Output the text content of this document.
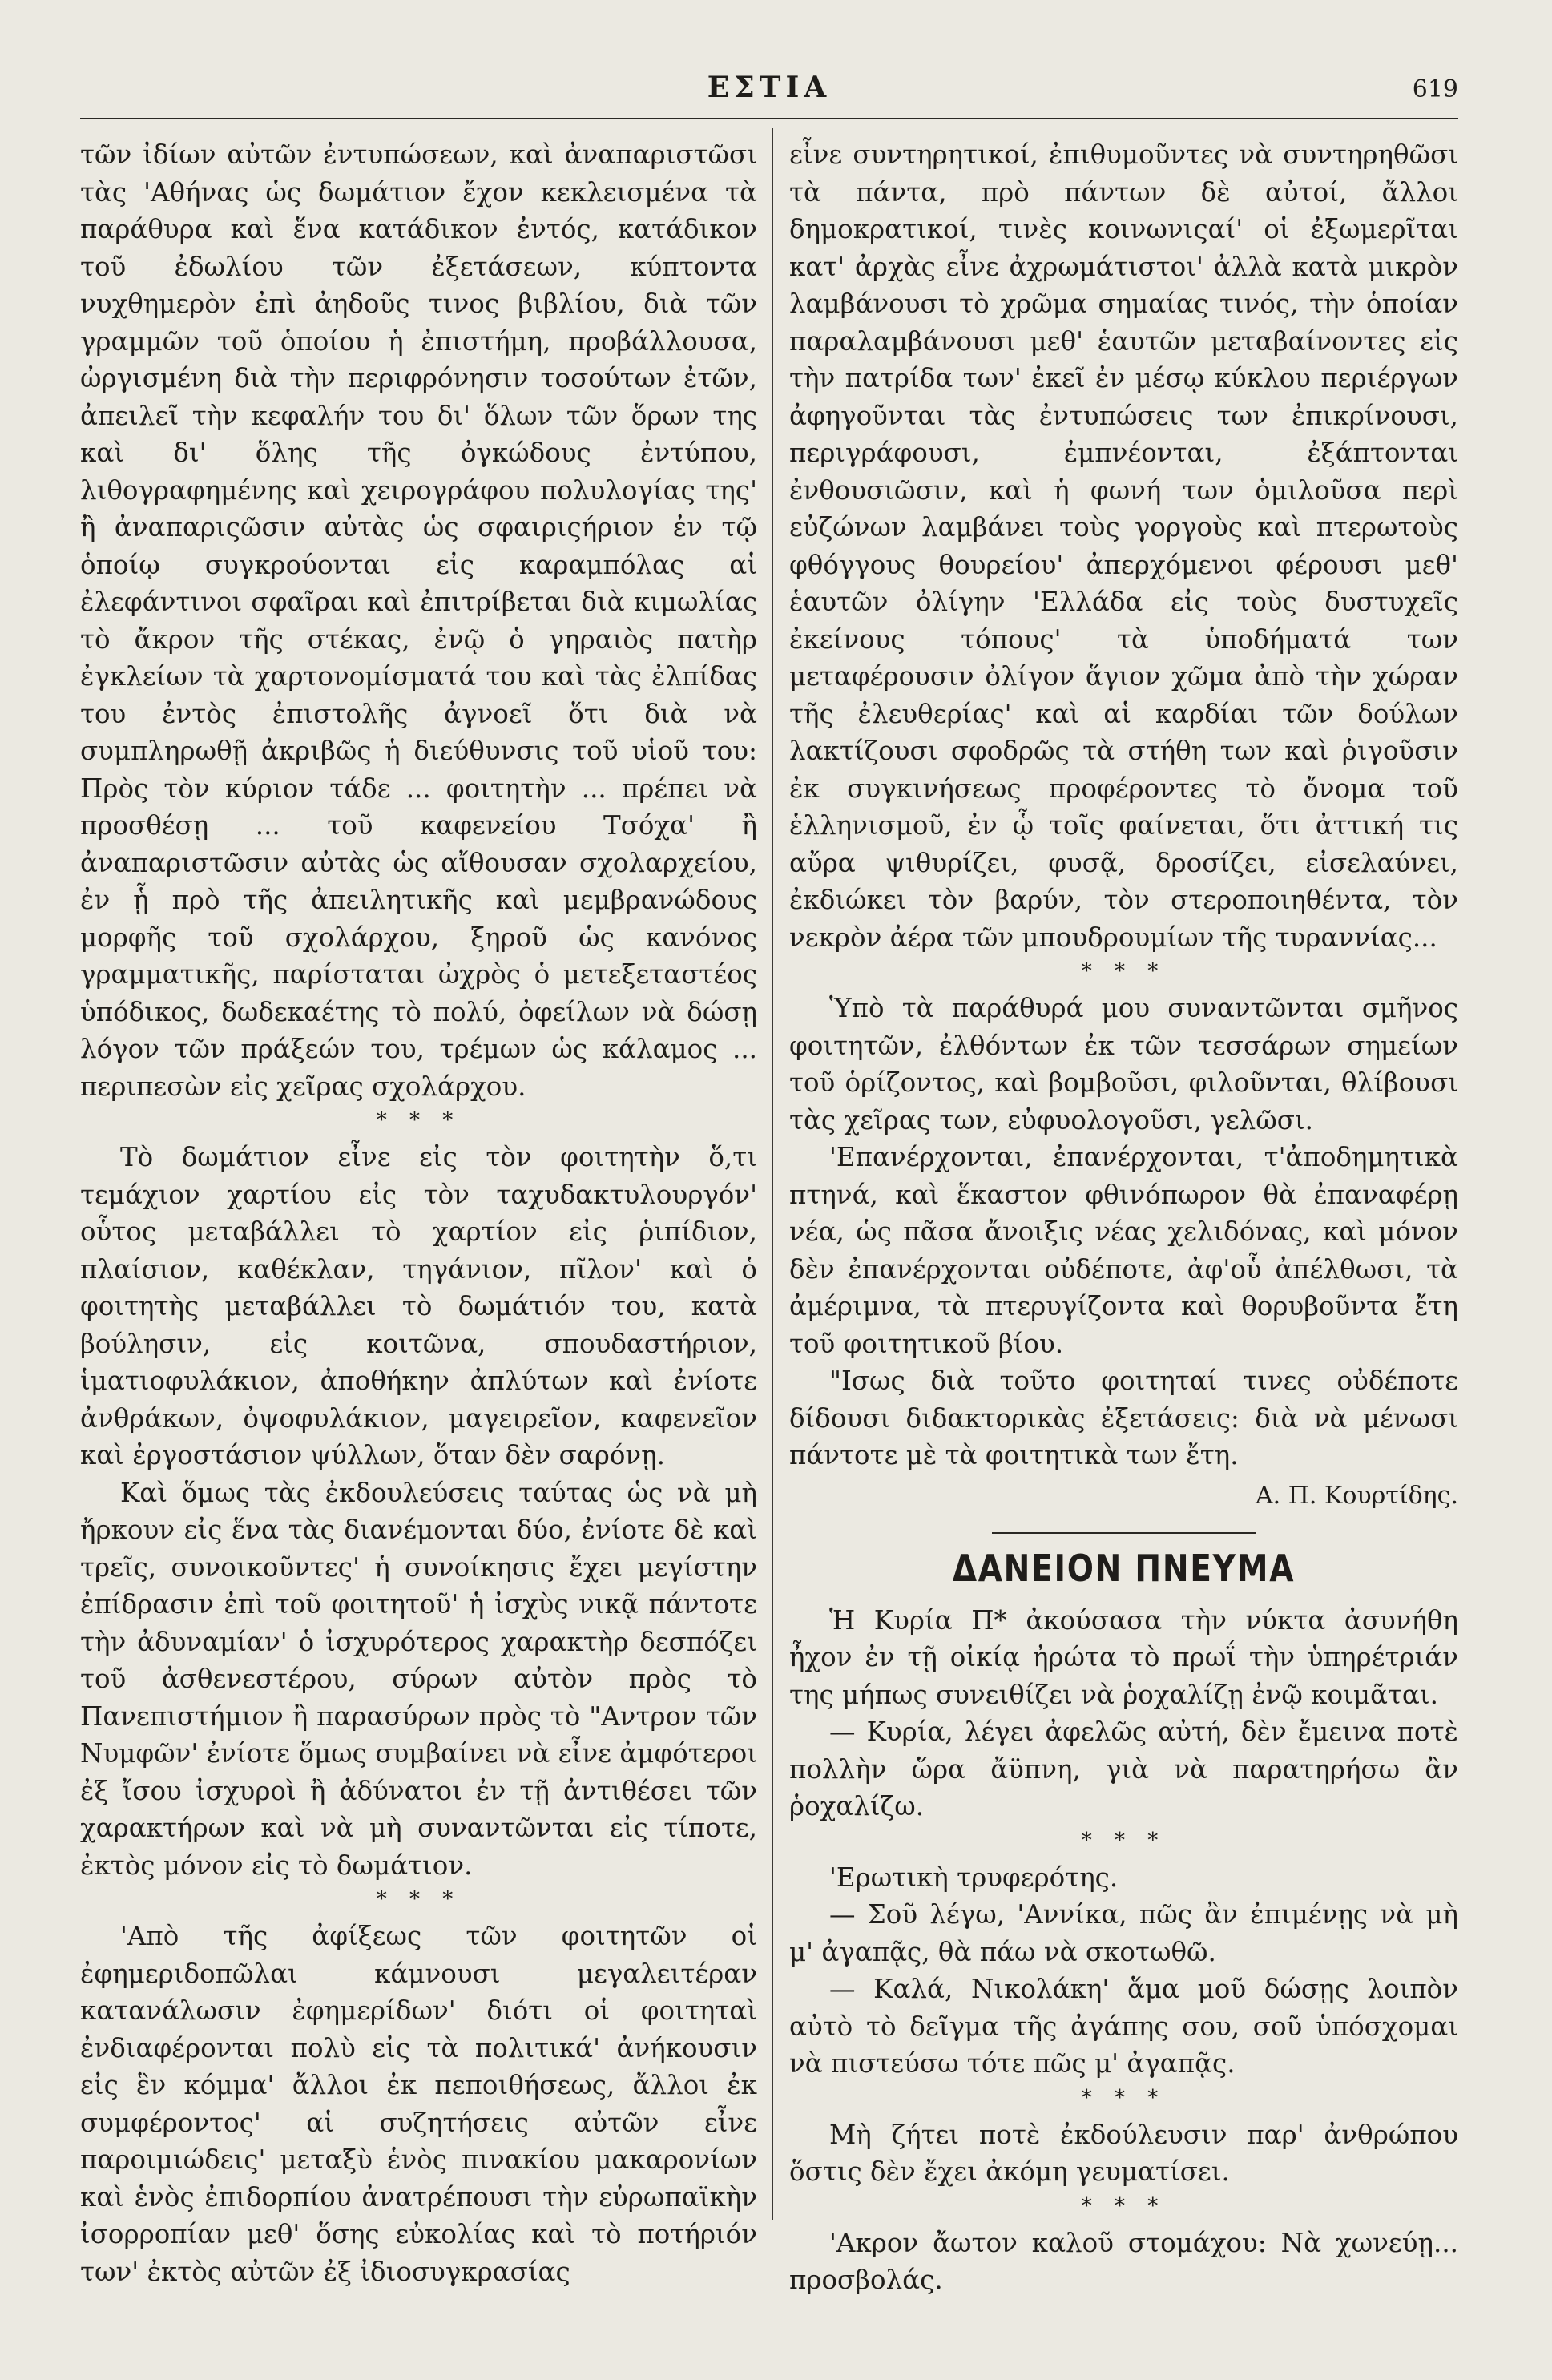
ΕΣΤΙΑ	619

τῶν ἰδίων αὐτῶν ἐντυπώσεων, καὶ ἀναπαριστῶσι τὰς 'Αθήνας ὡς δωμάτιον ἔχον κεκλεισμένα τὰ παράθυρα καὶ ἕνα κατάδικον ἐντός, κατάδικον τοῦ ἐδωλίου τῶν ἐξετάσεων, κύπτοντα νυχθημερὸν ἐπὶ ἀηδοῦς τινος βιβλίου, διὰ τῶν γραμμῶν τοῦ ὁποίου ἡ ἐπιστήμη, προβάλλουσα, ὠργισμένη διὰ τὴν περιφρόνησιν τοσούτων ἐτῶν, ἀπειλεῖ τὴν κεφαλήν του δι' ὅλων τῶν ὅρων της καὶ δι' ὅλης τῆς ὀγκώδους ἐντύπου, λιθογραφημένης καὶ χειρογράφου πολυλογίας της' ἢ ἀναπαριςῶσιν αὐτὰς ὡς σφαιριςήριον ἐν τῷ ὁποίῳ συγκρούονται εἰς καραμπόλας αἱ ἐλεφάντινοι σφαῖραι καὶ ἐπιτρίβεται διὰ κιμωλίας τὸ ἄκρον τῆς στέκας, ἐνῷ ὁ γηραιὸς πατὴρ ἐγκλείων τὰ χαρτονομίσματά του καὶ τὰς ἐλπίδας του ἐντὸς ἐπιστολῆς ἀγνοεῖ ὅτι διὰ νὰ συμπληρωθῇ ἀκριβῶς ἡ διεύθυνσις τοῦ υἱοῦ του: Πρὸς τὸν κύριον τάδε ... φοιτητὴν ... πρέπει νὰ προσθέσῃ ... τοῦ καφενείου Τσόχα' ἢ ἀναπαριστῶσιν αὐτὰς ὡς αἴθουσαν σχολαρχείου, ἐν ᾗ πρὸ τῆς ἀπειλητικῆς καὶ μεμβρανώδους μορφῆς τοῦ σχολάρχου, ξηροῦ ὡς κανόνος γραμματικῆς, παρίσταται ὠχρὸς ὁ μετεξεταστέος ὑπόδικος, δωδεκαέτης τὸ πολύ, ὀφείλων νὰ δώσῃ λόγον τῶν πράξεών του, τρέμων ὡς κάλαμος ... περιπεσὼν εἰς χεῖρας σχολάρχου.

* * *

Τὸ δωμάτιον εἶνε εἰς τὸν φοιτητὴν ὅ,τι τεμάχιον χαρτίου εἰς τὸν ταχυδακτυλουργόν' οὗτος μεταβάλλει τὸ χαρτίον εἰς ῥιπίδιον, πλαίσιον, καθέκλαν, τηγάνιον, πῖλον' καὶ ὁ φοιτητὴς μεταβάλλει τὸ δωμάτιόν του, κατὰ βούλησιν, εἰς κοιτῶνα, σπουδαστήριον, ἱματιοφυλάκιον, ἀποθήκην ἀπλύτων καὶ ἐνίοτε ἀνθράκων, ὀψοφυλάκιον, μαγειρεῖον, καφενεῖον καὶ ἐργοστάσιον ψύλλων, ὅταν δὲν σαρόνῃ.

Καὶ ὅμως τὰς ἐκδουλεύσεις ταύτας ὡς νὰ μὴ ἤρκουν εἰς ἕνα τὰς διανέμονται δύο, ἐνίοτε δὲ καὶ τρεῖς, συνοικοῦντες' ἡ συνοίκησις ἔχει μεγίστην ἐπίδρασιν ἐπὶ τοῦ φοιτητοῦ' ἡ ἰσχὺς νικᾷ πάντοτε τὴν ἀδυναμίαν' ὁ ἰσχυρότερος χαρακτὴρ δεσπόζει τοῦ ἀσθενεστέρου, σύρων αὐτὸν πρὸς τὸ Πανεπιστήμιον ἢ παρασύρων πρὸς τὸ "Αντρον τῶν Νυμφῶν' ἐνίοτε ὅμως συμβαίνει νὰ εἶνε ἀμφότεροι ἐξ ἴσου ἰσχυροὶ ἢ ἀδύνατοι ἐν τῇ ἀντιθέσει τῶν χαρακτήρων καὶ νὰ μὴ συναντῶνται εἰς τίποτε, ἐκτὸς μόνον εἰς τὸ δωμάτιον.

* * *

'Απὸ τῆς ἀφίξεως τῶν φοιτητῶν οἱ ἐφημεριδοπῶλαι κάμνουσι μεγαλειτέραν κατανάλωσιν ἐφημερίδων' διότι οἱ φοιτηταὶ ἐνδιαφέρονται πολὺ εἰς τὰ πολιτικά' ἀνήκουσιν εἰς ἓν κόμμα' ἄλλοι ἐκ πεποιθήσεως, ἄλλοι ἐκ συμφέροντος' αἱ συζητήσεις αὐτῶν εἶνε παροιμιώδεις' μεταξὺ ἑνὸς πινακίου μακαρονίων καὶ ἑνὸς ἐπιδορπίου ἀνατρέπουσι τὴν εὐρωπαϊκὴν ἰσορροπίαν μεθ' ὅσης εὐκολίας καὶ τὸ ποτήριόν των' ἐκτὸς αὐτῶν ἐξ ἰδιοσυγκρασίας

εἶνε συντηρητικοί, ἐπιθυμοῦντες νὰ συντηρηθῶσι τὰ πάντα, πρὸ πάντων δὲ αὐτοί, ἄλλοι δημοκρατικοί, τινὲς κοινωνιςαί' οἱ ἐξωμερῖται κατ' ἀρχὰς εἶνε ἀχρωμάτιστοι' ἀλλὰ κατὰ μικρὸν λαμβάνουσι τὸ χρῶμα σημαίας τινός, τὴν ὁποίαν παραλαμβάνουσι μεθ' ἑαυτῶν μεταβαίνοντες εἰς τὴν πατρίδα των' ἐκεῖ ἐν μέσῳ κύκλου περιέργων ἀφηγοῦνται τὰς ἐντυπώσεις των ἐπικρίνουσι, περιγράφουσι, ἐμπνέονται, ἐξάπτονται ἐνθουσιῶσιν, καὶ ἡ φωνή των ὁμιλοῦσα περὶ εὐζώνων λαμβάνει τοὺς γοργοὺς καὶ πτερωτοὺς φθόγγους θουρείου' ἀπερχόμενοι φέρουσι μεθ' ἑαυτῶν ὀλίγην 'Ελλάδα εἰς τοὺς δυστυχεῖς ἐκείνους τόπους' τὰ ὑποδήματά των μεταφέρουσιν ὀλίγον ἅγιον χῶμα ἀπὸ τὴν χώραν τῆς ἐλευθερίας' καὶ αἱ καρδίαι τῶν δούλων λακτίζουσι σφοδρῶς τὰ στήθη των καὶ ῥιγοῦσιν ἐκ συγκινήσεως προφέροντες τὸ ὄνομα τοῦ ἑλληνισμοῦ, ἐν ᾧ τοῖς φαίνεται, ὅτι ἀττική τις αὔρα ψιθυρίζει, φυσᾷ, δροσίζει, εἰσελαύνει, ἐκδιώκει τὸν βαρύν, τὸν στεροποιηθέντα, τὸν νεκρὸν ἀέρα τῶν μπουδρουμίων τῆς τυραννίας...

* * *

Ὑπὸ τὰ παράθυρά μου συναντῶνται σμῆνος φοιτητῶν, ἐλθόντων ἐκ τῶν τεσσάρων σημείων τοῦ ὁρίζοντος, καὶ βομβοῦσι, φιλοῦνται, θλίβουσι τὰς χεῖρας των, εὐφυολογοῦσι, γελῶσι.

'Επανέρχονται, ἐπανέρχονται, τ'ἀποδημητικὰ πτηνά, καὶ ἕκαστον φθινόπωρον θὰ ἐπαναφέρῃ νέα, ὡς πᾶσα ἄνοιξις νέας χελιδόνας, καὶ μόνον δὲν ἐπανέρχονται οὐδέποτε, ἀφ'οὗ ἀπέλθωσι, τὰ ἀμέριμνα, τὰ πτερυγίζοντα καὶ θορυβοῦντα ἔτη τοῦ φοιτητικοῦ βίου.

"Ισως διὰ τοῦτο φοιτηταί τινες οὐδέποτε δίδουσι διδακτορικὰς ἐξετάσεις: διὰ νὰ μένωσι πάντοτε μὲ τὰ φοιτητικὰ των ἔτη.

Α. Π. Κουρτίδης.
ΔΑΝΕΙΟΝ ΠΝΕΥΜΑ

Ἡ Κυρία Π* ἀκούσασα τὴν νύκτα ἀσυνήθη ἦχον ἐν τῇ οἰκίᾳ ἠρώτα τὸ πρωΐ τὴν ὑπηρέτριάν της μήπως συνειθίζει νὰ ῥοχαλίζῃ ἐνῷ κοιμᾶται.

— Κυρία, λέγει ἀφελῶς αὐτή, δὲν ἔμεινα ποτὲ πολλὴν ὥρα ἄϋπνη, γιὰ νὰ παρατηρήσω ἂν ῥοχαλίζω.

* * *

'Ερωτικὴ τρυφερότης.

— Σοῦ λέγω, 'Αννίκα, πῶς ἂν ἐπιμένῃς νὰ μὴ μ' ἀγαπᾷς, θὰ πάω νὰ σκοτωθῶ.

— Καλά, Νικολάκη' ἅμα μοῦ δώσῃς λοιπὸν αὐτὸ τὸ δεῖγμα τῆς ἀγάπης σου, σοῦ ὑπόσχομαι νὰ πιστεύσω τότε πῶς μ' ἀγαπᾷς.

* * *

Μὴ ζήτει ποτὲ ἐκδούλευσιν παρ' ἀνθρώπου ὅστις δὲν ἔχει ἀκόμη γευματίσει.

* * *

'Ακρον ἄωτον καλοῦ στομάχου: Νὰ χωνεύῃ... προσβολάς.
